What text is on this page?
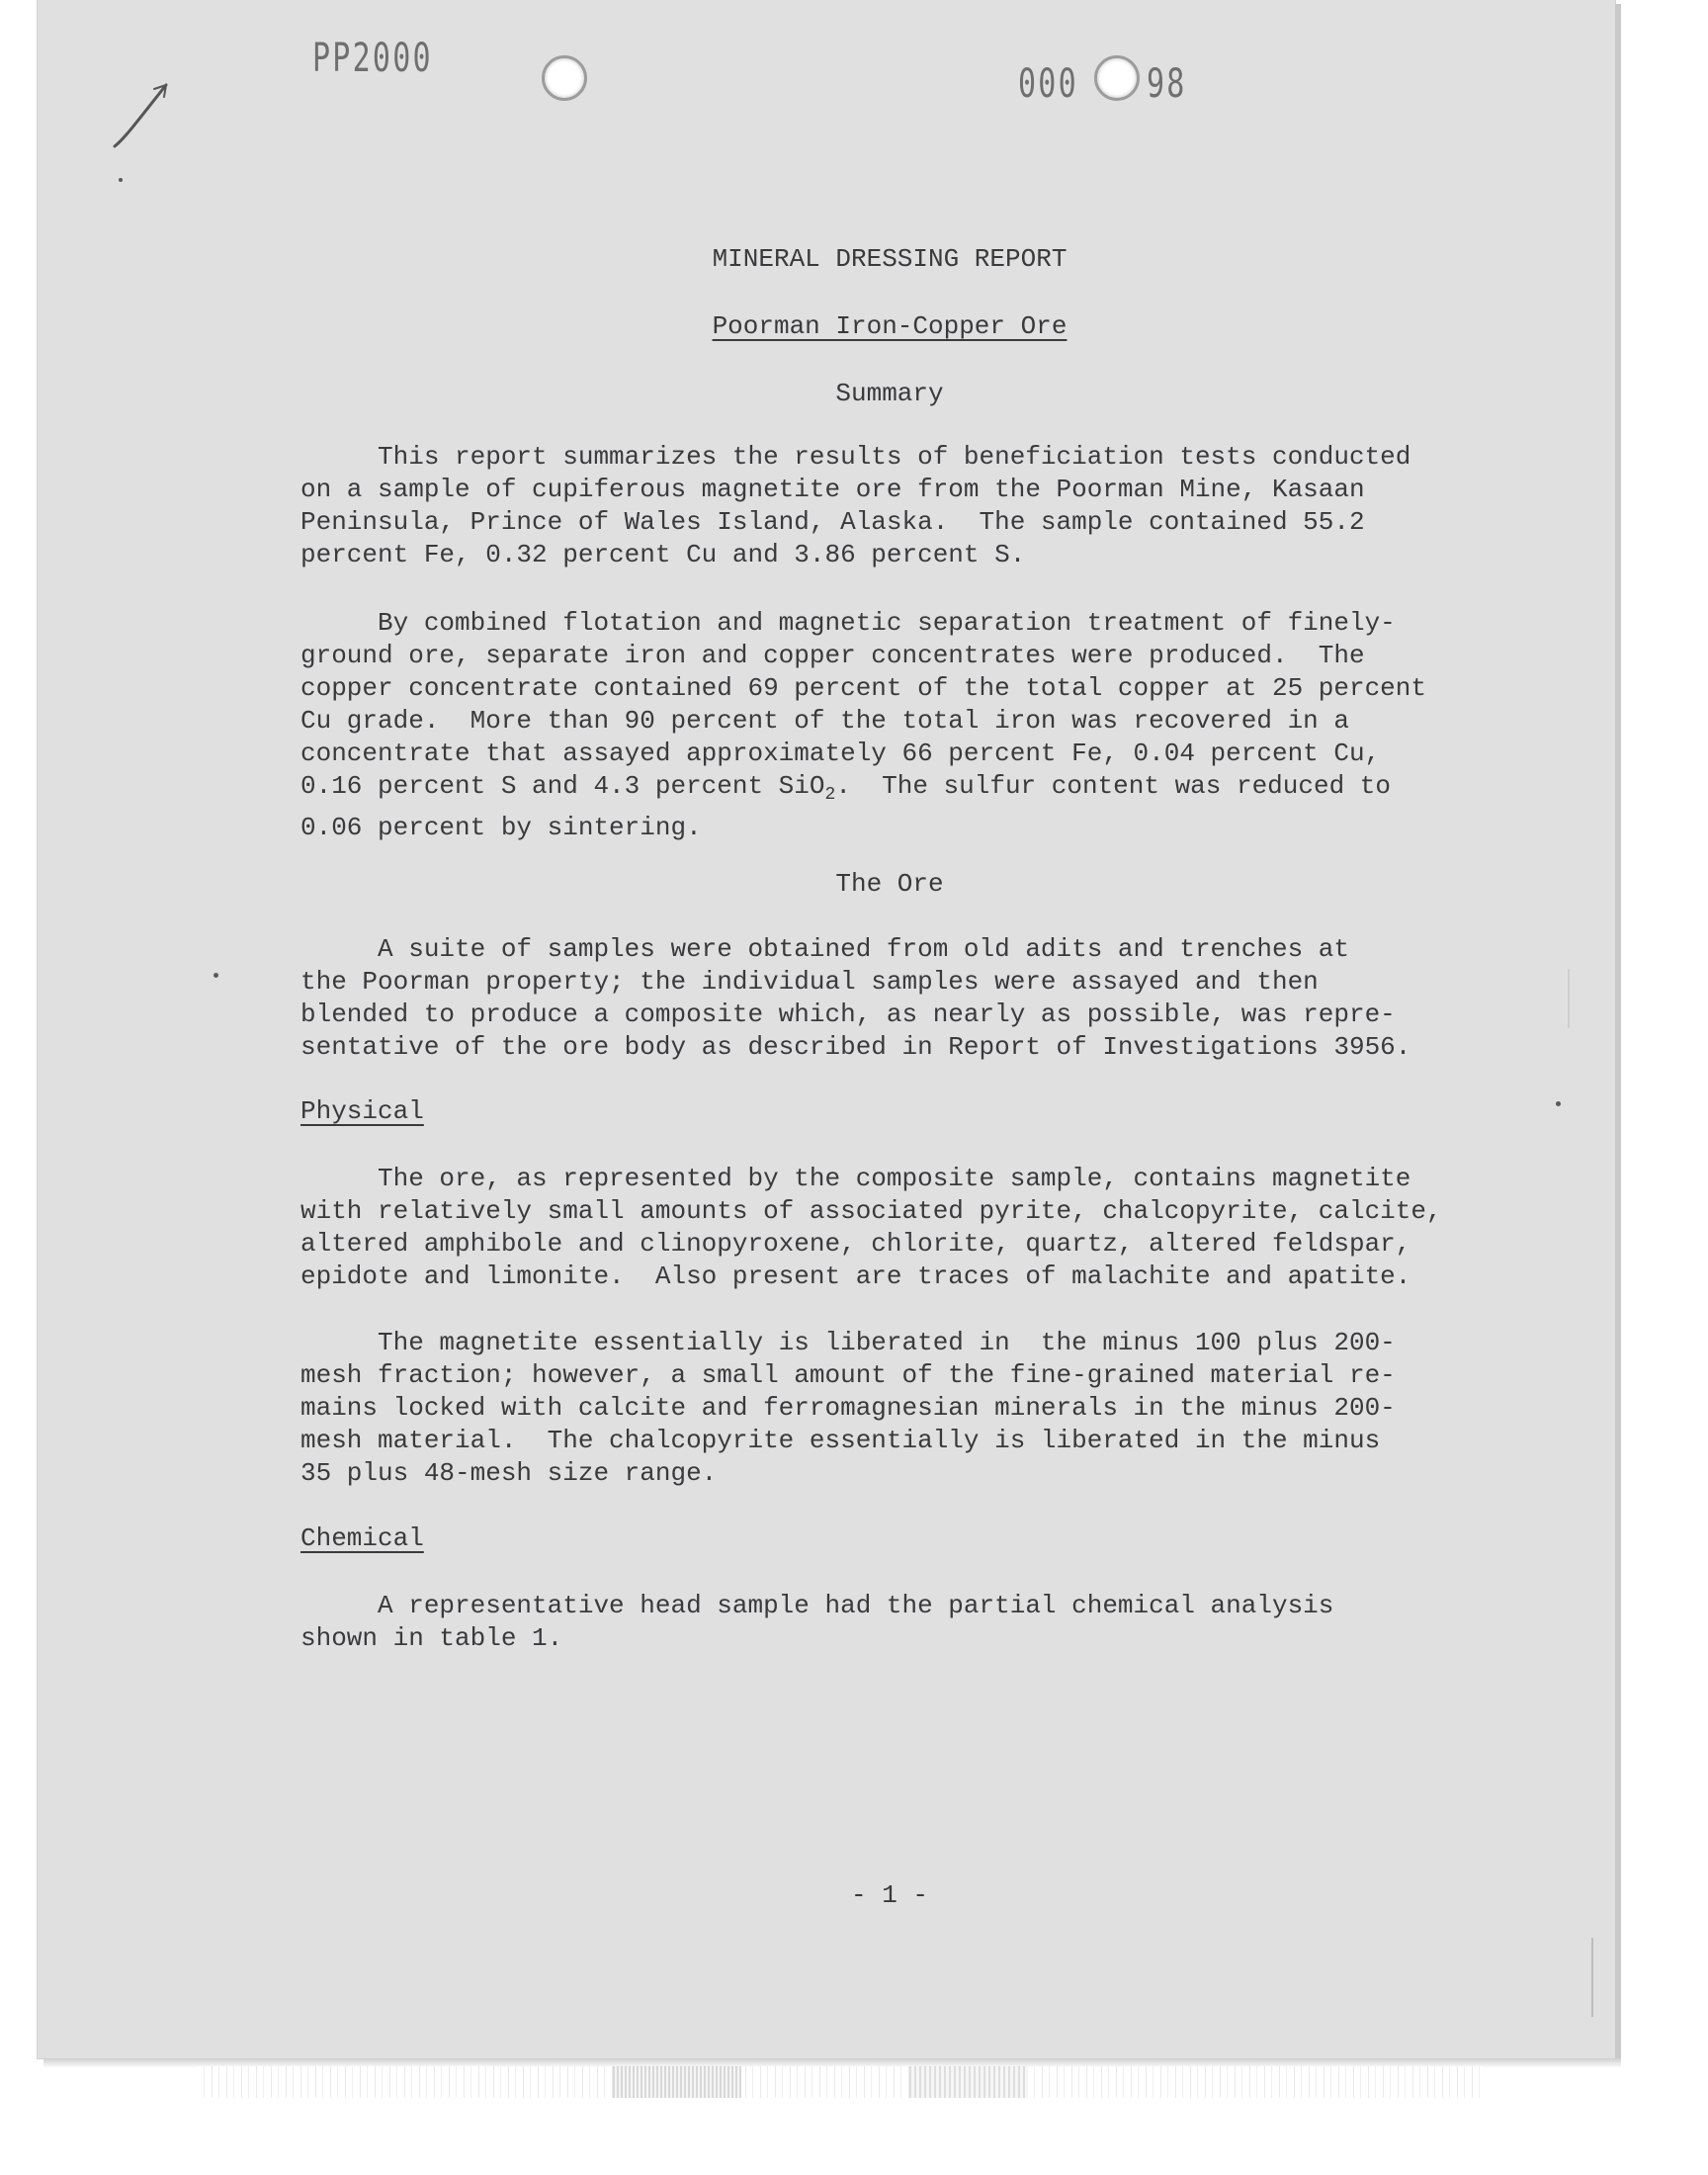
PP2000
000 98
MINERAL DRESSING REPORT
Poorman Iron-Copper Ore
Summary
This report summarizes the results of beneficiation tests conducted
on a sample of cupiferous magnetite ore from the Poorman Mine, Kasaan
Peninsula, Prince of Wales Island, Alaska.  The sample contained 55.2
percent Fe, 0.32 percent Cu and 3.86 percent S.
By combined flotation and magnetic separation treatment of finely-
ground ore, separate iron and copper concentrates were produced.  The
copper concentrate contained 69 percent of the total copper at 25 percent
Cu grade.  More than 90 percent of the total iron was recovered in a
concentrate that assayed approximately 66 percent Fe, 0.04 percent Cu,
0.16 percent S and 4.3 percent SiO$_2$.  The sulfur content was reduced to
0.06 percent by sintering.
The Ore
A suite of samples were obtained from old adits and trenches at
the Poorman property; the individual samples were assayed and then
blended to produce a composite which, as nearly as possible, was repre-
sentative of the ore body as described in Report of Investigations 3956.
Physical
The ore, as represented by the composite sample, contains magnetite
with relatively small amounts of associated pyrite, chalcopyrite, calcite,
altered amphibole and clinopyroxene, chlorite, quartz, altered feldspar,
epidote and limonite.  Also present are traces of malachite and apatite.
The magnetite essentially is liberated in  the minus 100 plus 200-
mesh fraction; however, a small amount of the fine-grained material re-
mains locked with calcite and ferromagnesian minerals in the minus 200-
mesh material.  The chalcopyrite essentially is liberated in the minus
35 plus 48-mesh size range.
Chemical
A representative head sample had the partial chemical analysis
shown in table 1.
- 1 -
